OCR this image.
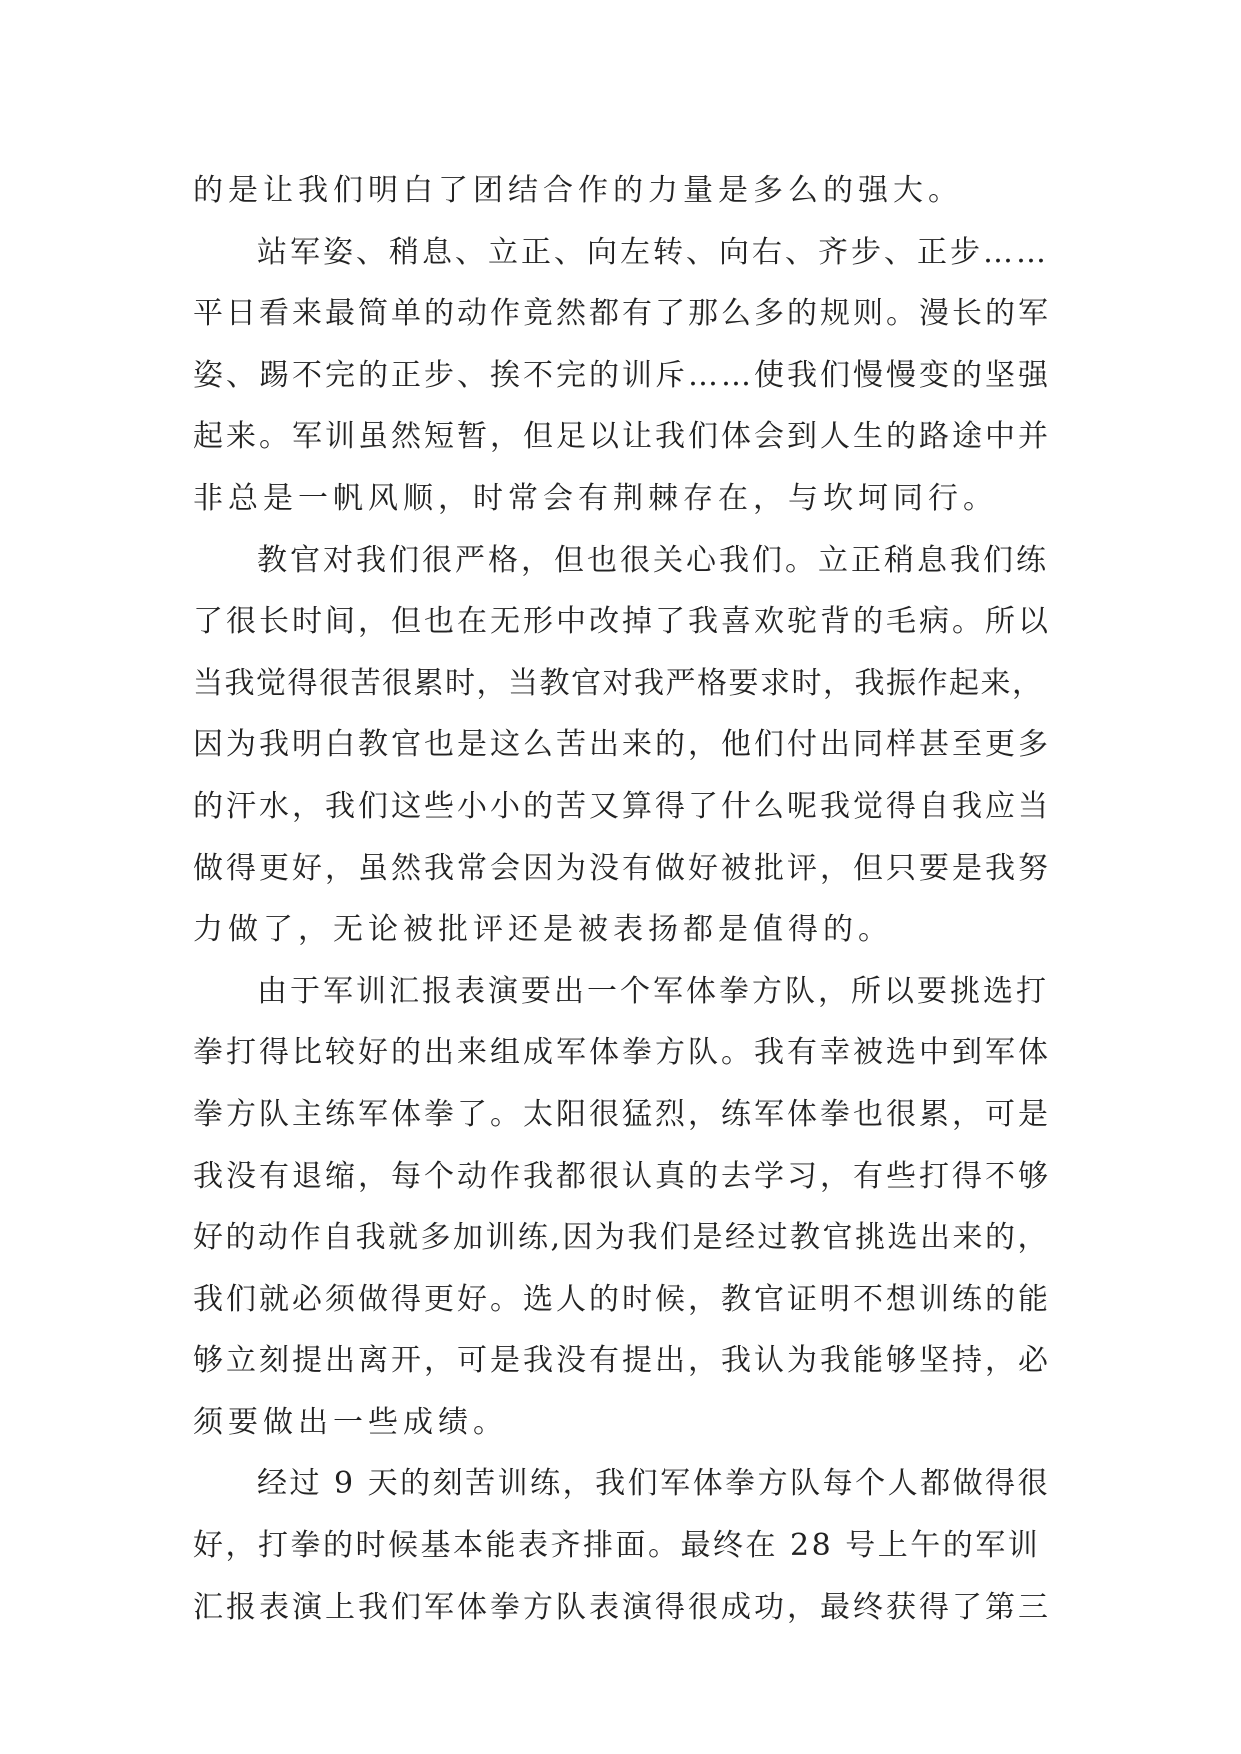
的是让我们明白了团结合作的力量是多么的强大。

站军姿、稍息、立正、向左转、向右、齐步、正步……

平日看来最简单的动作竟然都有了那么多的规则。漫长的军

姿、踢不完的正步、挨不完的训斥……使我们慢慢变的坚强

起来。军训虽然短暂，但足以让我们体会到人生的路途中并

非总是一帆风顺，时常会有荆棘存在，与坎坷同行。

教官对我们很严格，但也很关心我们。立正稍息我们练

了很长时间，但也在无形中改掉了我喜欢驼背的毛病。所以

当我觉得很苦很累时，当教官对我严格要求时，我振作起来，

因为我明白教官也是这么苦出来的，他们付出同样甚至更多

的汗水，我们这些小小的苦又算得了什么呢我觉得自我应当

做得更好，虽然我常会因为没有做好被批评，但只要是我努

力做了，无论被批评还是被表扬都是值得的。

由于军训汇报表演要出一个军体拳方队，所以要挑选打

拳打得比较好的出来组成军体拳方队。我有幸被选中到军体

拳方队主练军体拳了。太阳很猛烈，练军体拳也很累，可是

我没有退缩，每个动作我都很认真的去学习，有些打得不够

好的动作自我就多加训练,因为我们是经过教官挑选出来的，

我们就必须做得更好。选人的时候，教官证明不想训练的能

够立刻提出离开，可是我没有提出，我认为我能够坚持，必

须要做出一些成绩。

经过 9 天的刻苦训练，我们军体拳方队每个人都做得很

好，打拳的时候基本能表齐排面。最终在 28 号上午的军训

汇报表演上我们军体拳方队表演得很成功，最终获得了第三
